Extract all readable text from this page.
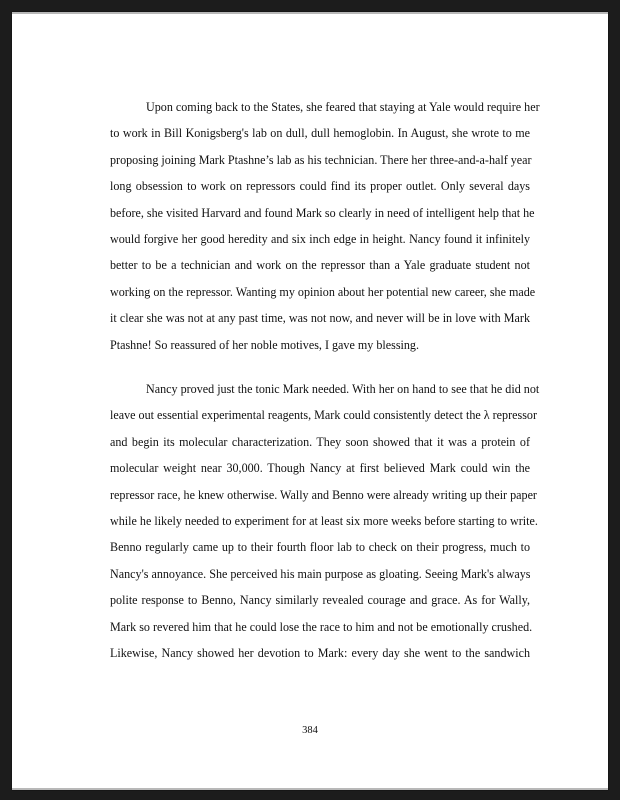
Upon coming back to the States, she feared that staying at Yale would require her
to work in Bill Konigsberg's lab on dull, dull hemoglobin. In August, she wrote to me
proposing joining Mark Ptashne’s lab as his technician. There her three-and-a-half year
long obsession to work on repressors could find its proper outlet. Only several days
before, she visited Harvard and found Mark so clearly in need of intelligent help that he
would forgive her good heredity and six inch edge in height. Nancy found it infinitely
better to be a technician and work on the repressor than a Yale graduate student not
working on the repressor. Wanting my opinion about her potential new career, she made
it clear she was not at any past time, was not now, and never will be in love with Mark
Ptashne! So reassured of her noble motives, I gave my blessing.
Nancy proved just the tonic Mark needed. With her on hand to see that he did not
leave out essential experimental reagents, Mark could consistently detect the λ repressor
and begin its molecular characterization. They soon showed that it was a protein of
molecular weight near 30,000. Though Nancy at first believed Mark could win the
repressor race, he knew otherwise. Wally and Benno were already writing up their paper
while he likely needed to experiment for at least six more weeks before starting to write.
Benno regularly came up to their fourth floor lab to check on their progress, much to
Nancy's annoyance. She perceived his main purpose as gloating. Seeing Mark's always
polite response to Benno, Nancy similarly revealed courage and grace. As for Wally,
Mark so revered him that he could lose the race to him and not be emotionally crushed.
Likewise, Nancy showed her devotion to Mark: every day she went to the sandwich
384
